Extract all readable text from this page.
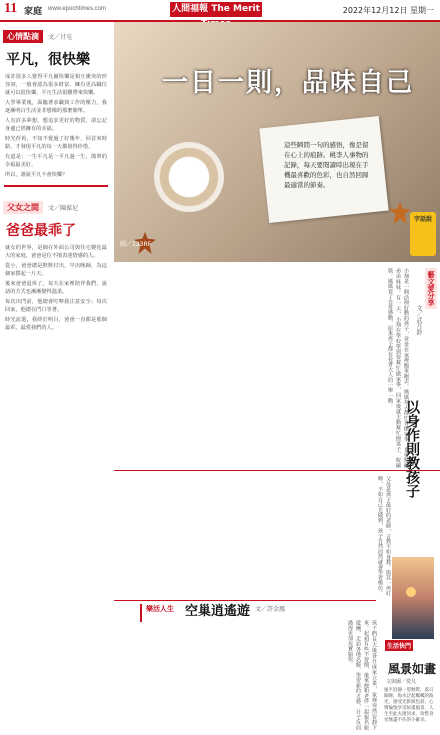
11 家庭 www.epochtimes.com	人間福報 The Merit	2022年12月12日 星期一
心情點滴 文／甘屯
平凡，很快樂

成許很多人覺得平凡爾快樂是相互衝突的形容詞，一般會認為很多財富、擁有更高職位就可以很快樂，平凡生活很難帶來快樂。

大學畢業後，面臨著求職與工作的壓力，我逐漸明白生活並非想像的那麼簡單。

人有許多夢想，想追求更好的物質，卻忘記身邊已經擁有的幸福。

時光荏苒，不知不覺過了好幾年，回首來時路，才發現平凡的每一天都值得珍惜。

有道是：一生平凡是一平凡過一生，簡單的幸福最美好。

所以，誰說平凡不會快樂？

父女之間 文／陳葆尼
爸爸最乖了

就女的世界，是個在外面公司與住宅變化最大的家庭，爸爸是位不擅表達情感的人。

從小，爸爸總是默默付出，早出晚歸，為這個家撐起一片天。

後來爸爸退休了，每天在家裡陪伴我們，說話的方式也漸漸變得溫柔。

每次出門前，他總會叮嚀我注意安全；每次回家，他總在門口等著。

時光流逝，我終於明白，爸爸一直都是那個最乖、最愛我們的人。

一日一則，品味自己
這些瞬間一句的感悟，像是留在心上的痕跡。桃李人事物的記錄，每天要閱讀時出現在手機最喜歡的色彩，也自然回歸最適當的節奏。
圖／123RF
字話說
藝文愛分享
文／武月鈴
小翔是一個活潑好動的孩子，常常在家裡跑來跑去。媽媽每天都忙著做家事，也要照顧弟弟妹妹。有一天，小翔在學校學到要幫忙做家事，回家後就主動幫忙擦桌子、收碗筷。媽媽看了非常感動，原來孩子都在看著大人的一舉一動。
以身作則教孩子
父母是孩子最好的老師，言教不如身教。與其一再叮嚀，不如自己先做到，孩子自然而然就會學習模仿。
樂活人生 空巢逍遙遊 文／許金鳳
孩子們長大後各自成家立業，家裡突然安靜下來。起初有些不習慣，後來便和老伴一起報名旅遊團，走訪各地名勝，學習新的才藝，日子反而過得更加充實愉快。	生活快門
風景如畫
文與圖／愛凡
風平浪靜一望無際，落日餘暉，海水泛起粼粼的波光，感受光影與色彩，心情愉悅享受如畫風景，人生至此夫復何求，珍惜身旁無盡不住的小確幸。
